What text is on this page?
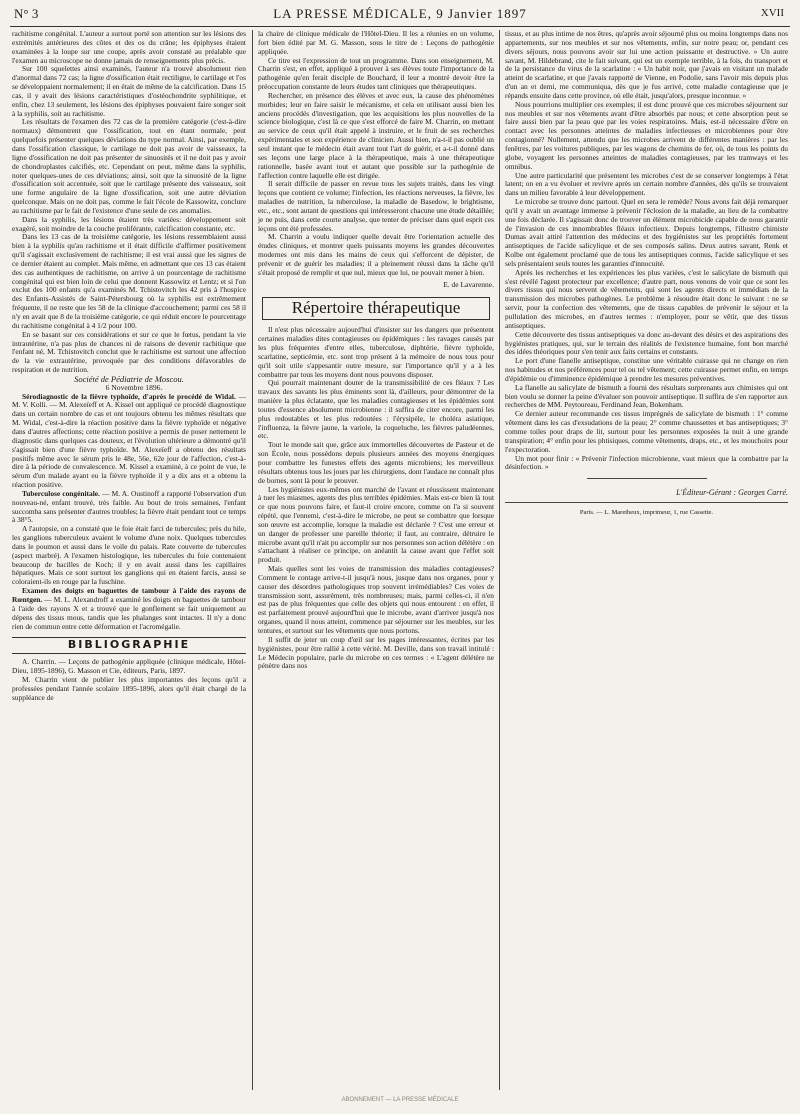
N° 3	LA PRESSE MÉDICALE, 9 Janvier 1897	XVII

rachitisme congénital. L'auteur a surtout porté son attention sur les lésions des extrémités antérieures des côtes et des os du crâne; les épiphyses étaient examinées à la loupe sur une coupe, après avoir constaté au préalable que l'examen au microscope ne donne jamais de renseignements plus précis.

Sur 100 squelettes ainsi examinés, l'auteur n'a trouvé absolument rien d'anormal dans 72 cas; la ligne d'ossification était rectiligne, le cartilage et l'os se développaient normalement; il en était de même de la calcification. Dans 15 cas, il y avait des lésions caractéristiques d'ostéochondrite syphilitique, et enfin, chez 13 seulement, les lésions des épiphyses pouvaient faire songer soit à la syphilis, soit au rachitisme.

Les résultats de l'examen des 72 cas de la première catégorie (c'est-à-dire normaux) démontrent que l'ossification, tout en étant normale, peut quelquefois présenter quelques déviations du type normal. Ainsi, par exemple, dans l'ossification classique, le cartilage ne doit pas avoir de vaisseaux, la ligne d'ossification ne doit pas présenter de sinuosités et il ne doit pas y avoir de chondroplastes calcifiés, etc. Cependant on peut, même dans la syphilis, noter quelques-unes de ces déviations; ainsi, soit que la sinuosité de la ligne d'ossification soit accentuée, soit que le cartilage présente des vaisseaux, soit une forme angulaire de la ligne d'ossification, soit une autre déviation quelconque. Mais on ne doit pas, comme le fait l'école de Kassowitz, conclure au rachitisme par le fait de l'existence d'une seule de ces anomalies.

Dans la syphilis, les lésions étaient très variées: développement soit exagéré, soit moindre de la couche proliférante, calcification constante, etc.

Dans les 13 cas de la troisième catégorie, les lésions ressemblaient aussi bien à la syphilis qu'au rachitisme et il était difficile d'affirmer positivement qu'il s'agissait exclusivement de rachitisme; il est vrai aussi que les signes de ce dernier étaient au complet. Mais même, en admettant que ces 13 cas étaient des cas authentiques de rachitisme, on arrive à un pourcentage de rachitisme congénital qui est bien loin de celui que donnent Kassowitz et Lentz; et si l'on exclut des 100 enfants qu'a examinés M. Tchistovitch les 42 pris à l'hospice des Enfants-Assistés de Saint-Pétersbourg où la syphilis est extrêmement fréquente, il ne reste que les 58 de la clinique d'accouchement; parmi ces 58 il n'y en avait que 8 de la troisième catégorie, ce qui réduit encore le pourcentage du rachitisme congénital à 4 1/2 pour 100.

En se basant sur ces considérations et sur ce que le fœtus, pendant la vie intrautérine, n'a pas plus de chances ni de raisons de devenir rachitique que l'enfant né, M. Tchistovitch conclut que le rachitisme est surtout une affection de la vie extrautérine, provoquée par des conditions défavorables de respiration et de nutrition.

Société de Pédiatrie de Moscou.

6 Novembre 1896.

Sérodiagnostic de la fièvre typhoïde, d'après le procédé de Widal. — M. V. Kolli. — M. Alexeïeff et A. Kissel ont appliqué ce procédé diagnostique dans un certain nombre de cas et ont toujours obtenu les mêmes résultats que M. Widal, c'est-à-dire la réaction positive dans la fièvre typhoïde et négative dans d'autres affections; cette réaction positive a permis de poser nettement le diagnostic dans quelques cas douteux, et l'évolution ultérieure a démontré qu'il s'agissait bien d'une fièvre typhoïde. M. Alexeïeff a obtenu des résultats positifs même avec le sérum pris le 48e, 56e, 62e jour de l'affection, c'est-à-dire à la période de convalescence. M. Kissel a examiné, à ce point de vue, le sérum d'un malade ayant eu la fièvre typhoïde il y a dix ans et a obtenu la réaction positive.

Tuberculose congénitale. — M. A. Oustinoff a rapporté l'observation d'un nouveau-né, enfant trouvé, très faible. Au bout de trois semaines, l'enfant succomba sans présenter d'autres troubles; la fièvre était pendant tout ce temps à 38°5.

A l'autopsie, on a constaté que le foie était farci de tubercules; près du hile, les ganglions tuberculeux avaient le volume d'une noix. Quelques tubercules dans le poumon et aussi dans le voile du palais. Rate couverte de tubercules (aspect marbré). A l'examen histologique, les tubercules du foie contenaient beaucoup de bacilles de Koch; il y en avait aussi dans les capillaires hépatiques. Mais ce sont surtout les ganglions qui en étaient farcis, aussi se coloraient-ils en rouge par la fuschine.

Examen des doigts en baguettes de tambour à l'aide des rayons de Rœntgen. — M. L. Alexandroff a examiné les doigts en baguettes de tambour à l'aide des rayons X et a trouvé que le gonflement se fait uniquement au dépens des tissus mous, tandis que les phalanges sont intactes. Il n'y a donc rien de commun entre cette déformation et l'acromégalie.

BIBLIOGRAPHIE

A. Charrin. — Leçons de pathogénie appliquée (clinique médicale, Hôtel-Dieu, 1895-1896), G. Masson et Cie, éditeurs, Paris, 1897.

M. Charrin vient de publier les plus importantes des leçons qu'il a professées pendant l'année scolaire 1895-1896, alors qu'il était chargé de la suppléance de

la chaire de clinique médicale de l'Hôtel-Dieu. Il les a réunies en un volume, fort bien édité par M. G. Masson, sous le titre de : Leçons de pathogénie appliquée.

Ce titre est l'expression de tout un programme. Dans son enseignement, M. Charrin s'est, en effet, appliqué à prouver à ses élèves toute l'importance de la pathogénie qu'en ferait disciple de Bouchard, il leur a montré devoir être la préoccupation constante de leurs études tant cliniques que thérapeutiques.

Rechercher, en présence des élèves et avec eux, la cause des phénomènes morbides; leur en faire saisir le mécanisme, et cela en utilisant aussi bien les anciens procédés d'investigation, que les acquisitions les plus nouvelles de la science biologique, c'est là ce que s'est efforcé de faire M. Charrin, en mettant au service de ceux qu'il était appelé à instruire, et le fruit de ses recherches expérimentales et son expérience de clinicien. Aussi bien, n'a-t-il pas oublié un seul instant que le médecin était avant tout l'art de guérir, et a-t-il donné dans ses leçons une large place à la thérapeutique, mais à une thérapeutique rationnelle, basée avant tout et autant que possible sur la pathogénie de l'affection contre laquelle elle est dirigée.

Il serait difficile de passer en revue tous les sujets traités, dans les vingt leçons que contient ce volume; l'infection, les réactions nerveuses, la fièvre, les maladies de nutrition, la tuberculose, la maladie de Basedow, le brightisme, etc., etc., sont autant de questions qui intéresseront chacune une étude détaillée; je ne puis, dans cette courte analyse, que tenter de préciser dans quel esprit ces leçons ont été professées.

M. Charrin a voulu indiquer quelle devait être l'orientation actuelle des études cliniques, et montrer quels puissants moyens les grandes découvertes modernes ont mis dans les mains de ceux qui s'efforcent de dépister, de prévenir et de guérir les maladies; il a pleinement réussi dans la tâche qu'il s'était proposé de remplir et que nul, mieux que lui, ne pouvait mener à bien.

E. de Lavarenne.
Répertoire thérapeutique

Il n'est plus nécessaire aujourd'hui d'insister sur les dangers que présentent certaines maladies dites contagieuses ou épidémiques : les ravages causés par les plus fréquentes d'entre elles, tuberculose, diphtérie, fièvre typhoïde, scarlatine, septicémie, etc. sont trop présent à la mémoire de nous tous pour qu'il soit utile s'appesantir outre mesure, sur l'importance qu'il y a à les combattre par tous les moyens dont nous pouvons disposer.

Qui pourrait maintenant douter de la transmissibilité de ces fléaux ? Les travaux des savants les plus éminents sont là, d'ailleurs, pour démontrer de la manière la plus éclatante, que les maladies contagieuses et les épidémies sont toutes d'essence absolument microbienne : il suffira de citer encore, parmi les plus redoutables et les plus redoutées : l'érysipèle, le choléra asiatique, l'influenza, la fièvre jaune, la variole, la coqueluche, les fièvres paludéennes, etc.

Tout le monde sait que, grâce aux immortelles découvertes de Pasteur et de son École, nous possédons depuis plusieurs années des moyens énergiques pour combattre les funestes effets des agents microbiens; les merveilleux résultats obtenus tous les jours par les chirurgiens, dont l'audace ne connaît plus de bornes, sont là pour le prouver.

Les hygiénistes eux-mêmes ont marché de l'avant et réussissent maintenant à tuer les miasmes, agents des plus terribles épidémies. Mais est-ce bien là tout ce que nous pouvons faire, et faut-il croire encore, comme on l'a si souvent répété, que l'ennemi, c'est-à-dire le microbe, ne peut se combattre que lorsque son œuvre est accomplie, lorsque la maladie est déclarée ? C'est une erreur et un danger de professer une pareille théorie; il faut, au contraire, détruire le microbe avant qu'il n'ait pu accomplir sur nos personnes son action délétère : en s'attachant à réaliser ce principe, on anéantit la cause avant que l'effet soit produit.

Mais quelles sont les voies de transmission des maladies contagieuses? Comment le contage arrive-t-il jusqu'à nous, jusque dans nos organes, pour y causer des désordres pathologiques trop souvent irrémédiables? Ces voies de transmission sont, assurément, très nombreuses; mais, parmi celles-ci, il n'en est pas de plus fréquentes que celle des objets qui nous entourent : en effet, il est parfaitement prouvé aujourd'hui que le microbe, avant d'arriver jusqu'à nos organes, quand il nous atteint, commence par séjourner sur les meubles, sur les tentures, et surtout sur les vêtements que nous portons.

Il suffit de jeter un coup d'œil sur les pages intéressantes, écrites par les hygiénistes, pour être rallié à cette vérité. M. Deville, dans son travail intitulé : Le Médecin populaire, parle du microbe en ces termes : « L'agent délétère ne pénètre dans nos

tissus, et au plus intime de nos êtres, qu'après avoir séjourné plus ou moins longtemps dans nos appartements, sur nos meubles et sur nos vêtements, enfin, sur notre peau; or, pendant ces divers séjours, nous pouvons avoir sur lui une action puissante et destructive. » Un autre savant, M. Hildebrand, cite le fait suivant, qui est un exemple terrible, à la fois, du transport et de la persistance du virus de la scarlatine : « Un habit noir, que j'avais en visitant un malade atteint de scarlatine, et que j'avais rapporté de Vienne, en Podolie, sans l'avoir mis depuis plus d'un an et demi, me communiqua, dès que je fus arrivé, cette maladie contagieuse que je répands ensuite dans cette province, où elle était, jusqu'alors, presque inconnue. »

Nous pourrions multiplier ces exemples; il est donc prouvé que ces microbes séjournent sur nos meubles et sur nos vêtements avant d'être absorbés par nous; et cette absorption peut se faire aussi bien par la peau que par les voies respiratoires. Mais, est-il nécessaire d'être en contact avec les personnes atteintes de maladies infectieuses et microbiennes pour être contagionné? Nullement, attendu que les microbes arrivent de différentes manières : par les fenêtres, par les voitures publiques, par les wagons de chemins de fer, où, de tous les points du globe, voyagent les personnes atteintes de maladies contagieuses, par les tramways et les omnibus.

Une autre particularité que présentent les microbes c'est de se conserver longtemps à l'état latent; on en a vu évoluer et revivre après un certain nombre d'années, dès qu'ils se trouvaient dans un milieu favorable à leur développement.

Le microbe se trouve donc partout. Quel en sera le remède? Nous avons fait déjà remarquer qu'il y avait un avantage immense à prévenir l'éclosion de la maladie, au lieu de la combattre une fois déclarée. Il s'agissait donc de trouver un élément microbicide capable de nous garantir de l'invasion de ces innombrables fléaux infectieux. Depuis longtemps, l'illustre chimiste Dumas avait attiré l'attention des médecins et des hygiénistes sur les propriétés fortement antiseptiques de l'acide salicylique et de ses composés salins. Deux autres savant, Renk et Kolbe ont également proclamé que de tous les antiseptiques connus, l'acide salicylique et ses sels présentaient seuls toutes les garanties d'innocuité.

Après les recherches et les expériences les plus variées, c'est le salicylate de bismuth qui s'est révélé l'agent protecteur par excellence; d'autre part, nous venons de voir que ce sont les divers tissus qui nous servent de vêtements, qui sont les agents directs et immédiats de la transmission des microbes pathogènes. Le problème à résoudre était donc le suivant : ne se servir, pour la confection des vêtements, que de tissus capables de prévenir le séjour et la pullulation des microbes, en d'autres termes : n'employer, pour se vêtir, que des tissus antiseptiques.

Cette découverte des tissus antiseptiques va donc au-devant des désirs et des aspirations des hygiénistes pratiques, qui, sur le terrain des réalités de l'existence humaine, font bon marché des idées théoriques pour s'en tenir aux faits certains et constants.

Le port d'une flanelle antiseptique, constitue une véritable cuirasse qui ne change en rien nos habitudes et nos préférences pour tel ou tel vêtement; cette cuirasse permet enfin, en temps d'épidémie ou d'imminence épidémique à prendre les mesures préventives.

La flanelle au salicylate de bismuth a fourni des résultats surprenants aux chimistes qui ont bien voulu se donner la peine d'évaluer son pouvoir antiseptique. Il suffira de s'en rapporter aux recherches de MM. Peytoureau, Ferdinand Jean, Bokenham.

Ce dernier auteur recommande ces tissus imprégnés de salicylate de bismuth : 1° comme vêtement dans les cas d'exsudations de la peau; 2° comme chaussettes et bas antiseptiques; 3° comme toiles pour draps de lit, surtout pour les personnes exposées la nuit à une grande transpiration; 4° enfin pour les phtisiques, comme vêtements, draps, etc., et les mouchoirs pour l'expectoration.

Un mot pour finir : « Prévenir l'infection microbienne, vaut mieux que la combattre par la désinfection. »

L'Éditeur-Gérant : Georges Carré.
Paris. — L. Maretheux, imprimeur, 1, rue Cassette.
ABONNEMENT — LA PRESSE MÉDICALE
